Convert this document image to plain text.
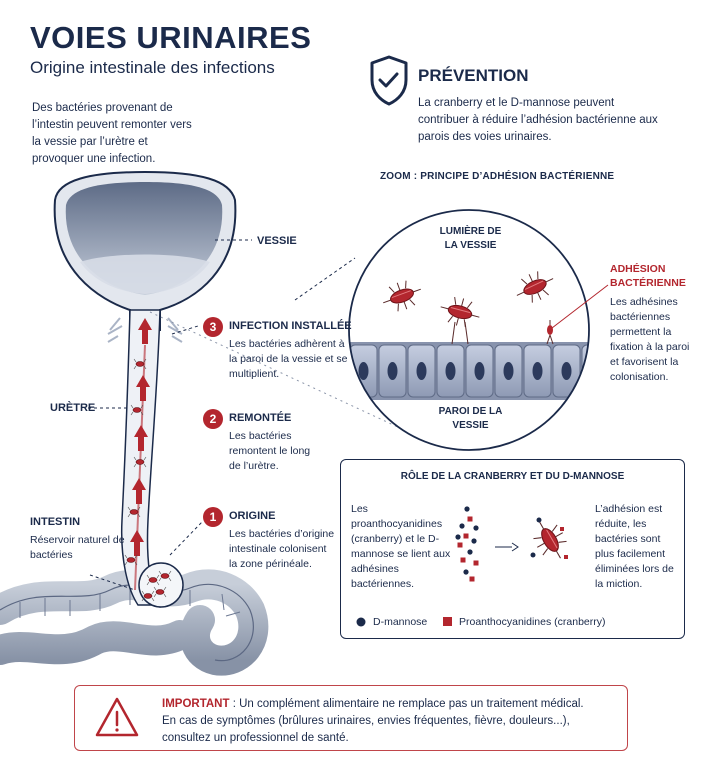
VOIES URINAIRES
Origine intestinale des infections
Des bactéries provenant de l’intestin peuvent remonter vers la vessie par l’urètre et provoquer une infection.
PRÉVENTION
La cranberry et le D-mannose peuvent contribuer à réduire l’adhésion bactérienne aux parois des voies urinaires.
ZOOM : PRINCIPE D’ADHÉSION BACTÉRIENNE
VESSIE
URÈTRE
INTESTIN
Réservoir naturel de bactéries
3	INFECTION INSTALLÉE
Les bactéries adhèrent à la paroi de la vessie et se multiplient.
2	REMONTÉE
Les bactéries remontent le long de l’urètre.
1	ORIGINE
Les bactéries d’origine intestinale colonisent la zone périnéale.
LUMIÈRE DE LA VESSIE
PAROI DE LA VESSIE
ADHÉSION BACTÉRIENNE
Les adhésines bactériennes permettent la fixation à la paroi et favorisent la colonisation.
RÔLE DE LA CRANBERRY ET DU D-MANNOSE
Les proanthocyanidines (cranberry) et le D-mannose se lient aux adhésines bactériennes.
L’adhésion est réduite, les bactéries sont plus facilement éliminées lors de la miction.
D-mannose	Proanthocyanidines (cranberry)
IMPORTANT : Un complément alimentaire ne remplace pas un traitement médical.
En cas de symptômes (brûlures urinaires, envies fréquentes, fièvre, douleurs...),
consultez un professionnel de santé.
